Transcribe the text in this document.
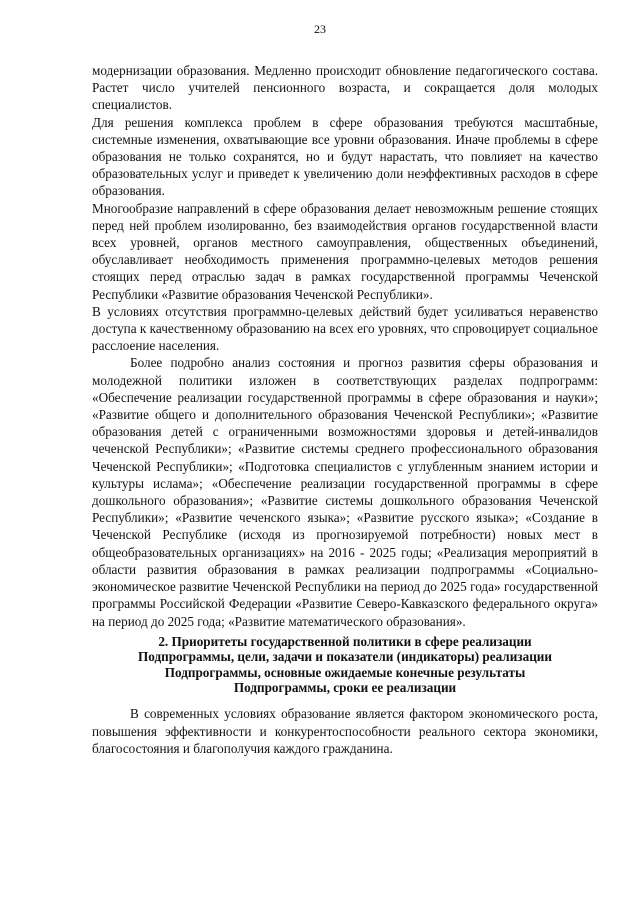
23

модернизации образования. Медленно происходит обновление педагогического состава. Растет число учителей пенсионного возраста, и сокращается доля молодых специалистов.

Для решения комплекса проблем в сфере образования требуются масштабные, системные изменения, охватывающие все уровни образования. Иначе проблемы в сфере образования не только сохранятся, но и будут нарастать, что повлияет на качество образовательных услуг и приведет к увеличению доли неэффективных расходов в сфере образования.

Многообразие направлений в сфере образования делает невозможным решение стоящих перед ней проблем изолированно, без взаимодействия органов государственной власти всех уровней, органов местного самоуправления, общественных объединений, обуславливает необходимость применения программно-целевых методов решения стоящих перед отраслью задач в рамках государственной программы Чеченской Республики «Развитие образования Чеченской Республики».

В условиях отсутствия программно-целевых действий будет усиливаться неравенство доступа к качественному образованию на всех его уровнях, что спровоцирует социальное расслоение населения.

Более подробно анализ состояния и прогноз развития сферы образования и молодежной политики изложен в соответствующих разделах подпрограмм: «Обеспечение реализации государственной программы в сфере образования и науки»; «Развитие общего и дополнительного образования Чеченской Республики»; «Развитие образования детей с ограниченными возможностями здоровья и детей-инвалидов чеченской Республики»; «Развитие системы среднего профессионального образования Чеченской Республики»; «Подготовка специалистов с углубленным знанием истории и культуры ислама»; «Обеспечение реализации государственной программы в сфере дошкольного образования»; «Развитие системы дошкольного образования Чеченской Республики»; «Развитие чеченского языка»; «Развитие русского языка»; «Создание в Чеченской Республике (исходя из прогнозируемой потребности) новых мест в общеобразовательных организациях» на 2016 - 2025 годы; «Реализация мероприятий в области развития образования в рамках реализации подпрограммы «Социально-экономическое развитие Чеченской Республики на период до 2025 года» государственной программы Российской Федерации «Развитие Северо-Кавказского федерального округа» на период до 2025 года; «Развитие математического образования».

2. Приоритеты государственной политики в сфере реализации
Подпрограммы, цели, задачи и показатели (индикаторы) реализации
Подпрограммы, основные ожидаемые конечные результаты
Подпрограммы, сроки ее реализации

В современных условиях образование является фактором экономического роста, повышения эффективности и конкурентоспособности реального сектора экономики, благосостояния и благополучия каждого гражданина.
